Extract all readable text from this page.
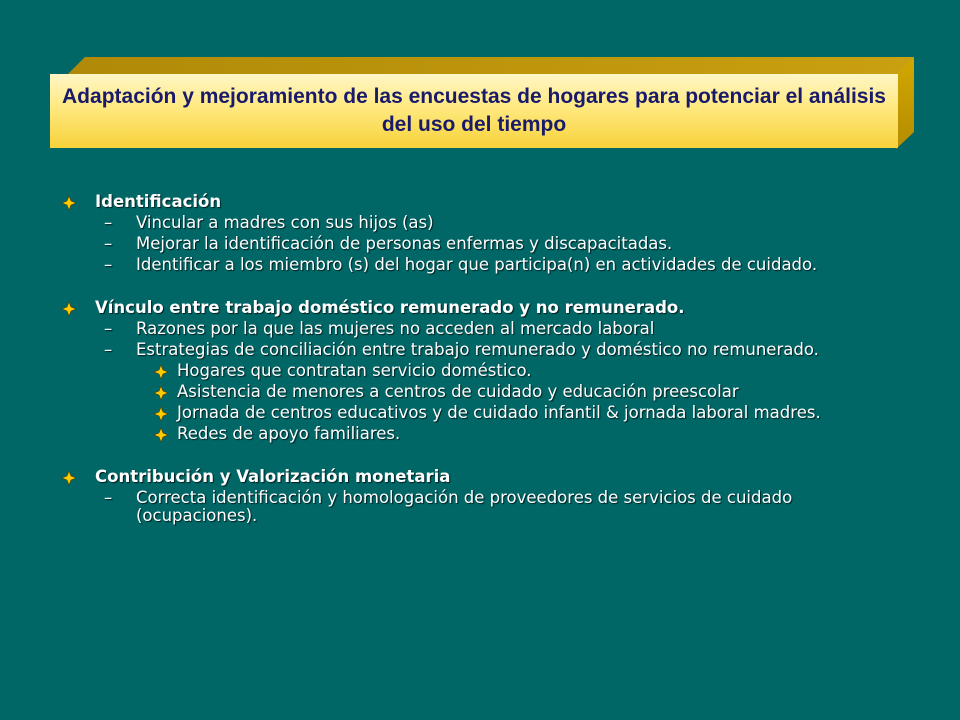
Adaptación y mejoramiento de las encuestas de hogares para potenciar el análisis del uso del tiempo
Identificación
– Vincular a madres con sus hijos (as)
– Mejorar la identificación de personas enfermas y discapacitadas.
– Identificar a los miembro (s) del hogar que participa(n) en actividades de cuidado.
Vínculo entre trabajo doméstico remunerado y no remunerado.
– Razones por la que las mujeres no acceden al mercado laboral
– Estrategias de conciliación entre trabajo remunerado y doméstico no remunerado.
Hogares que contratan servicio doméstico.
Asistencia de menores a centros de cuidado y educación preescolar
Jornada de centros educativos y de cuidado infantil & jornada laboral madres.
Redes de apoyo familiares.
Contribución y Valorización monetaria
– Correcta identificación y homologación de proveedores de servicios de cuidado (ocupaciones).
